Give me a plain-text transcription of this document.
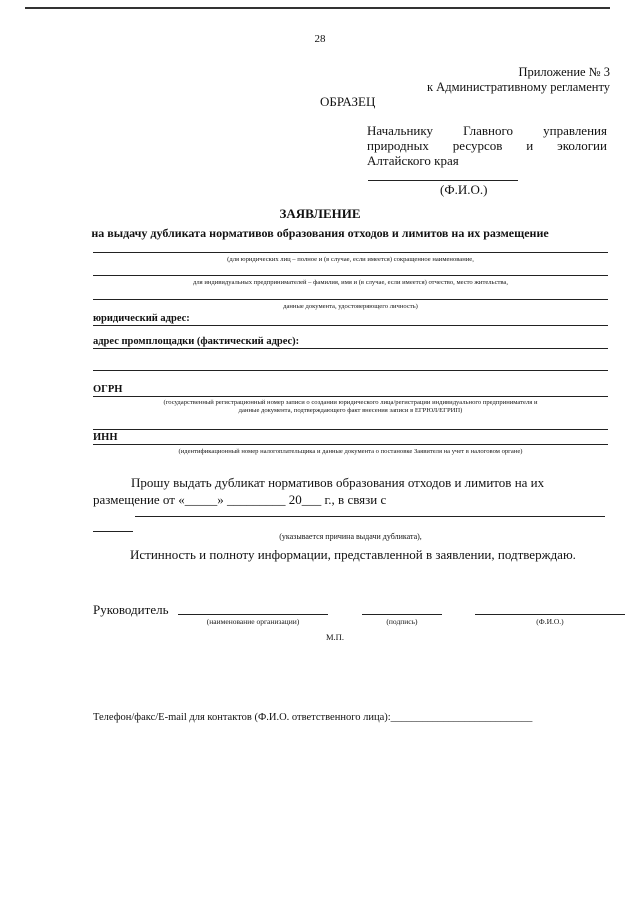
28
Приложение № 3
к Административному регламенту
ОБРАЗЕЦ
Начальнику Главного управления
природных ресурсов и экологии
Алтайского края
(Ф.И.О.)
ЗАЯВЛЕНИЕ
на выдачу дубликата нормативов образования отходов и лимитов на их размещение
(для юридических лиц – полное и (в случае, если имеется) сокращенное наименование,
для индивидуальных предпринимателей – фамилия, имя и (в случае, если имеется) отчество, место жительства,
данные документа, удостоверяющего личность)
юридический адрес:
адрес промплощадки (фактический адрес):
ОГРН
(государственный регистрационный номер записи о создании юридического лица/регистрации индивидуального предпринимателя и
данные документа, подтверждающего факт внесения записи в ЕГРЮЛ/ЕГРИП)
ИНН
(идентификационный номер налогоплательщика и данные документа о постановке Заявителя на учет в налоговом органе)
Прошу выдать дубликат нормативов образования отходов и лимитов на их
размещение от «_____» _________ 20___ г., в связи с
(указывается причина выдачи дубликата),
Истинность и полноту информации, представленной в заявлении, подтверждаю.
Руководитель
(наименование организации)	(подпись)	(Ф.И.О.)
М.П.
Телефон/факс/E-mail для контактов (Ф.И.О. ответственного лица):___________________________
